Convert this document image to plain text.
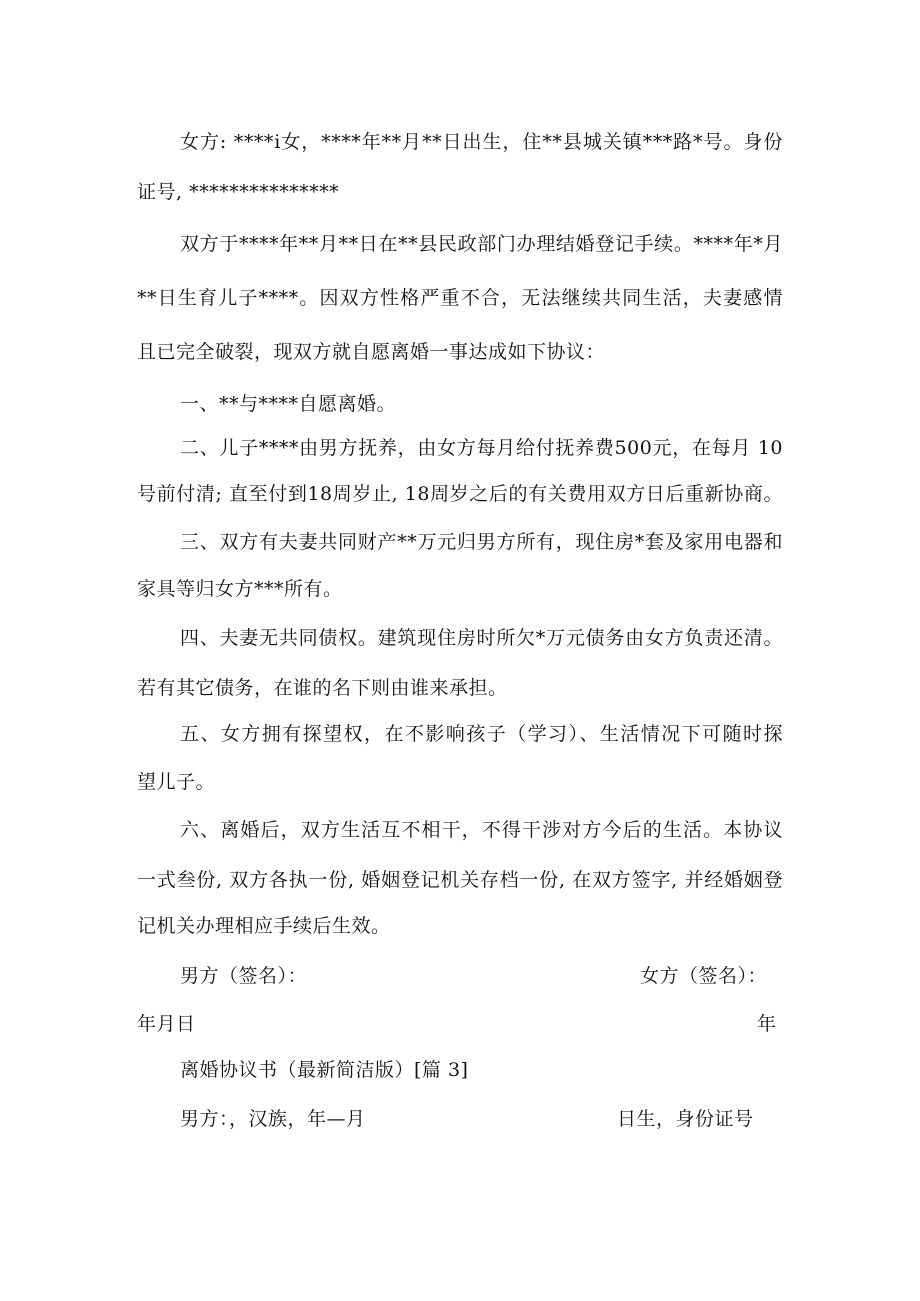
女方: ****ⅰ女，****年**月**日出生，住**县城关镇***路*号。身份
证号, ***************
双方于****年**月**日在**县民政部门办理结婚登记手续。****年*月
**日生育儿子****。因双方性格严重不合，无法继续共同生活，夫妻感情
且已完全破裂，现双方就自愿离婚一事达成如下协议：
一、**与****自愿离婚。
二、儿子****由男方抚养，由女方每月给付抚养费500元，在每月 10
号前付清; 直至付到18周岁止, 18周岁之后的有关费用双方日后重新协商。
三、双方有夫妻共同财产**万元归男方所有，现住房*套及家用电器和
家具等归女方***所有。
四、夫妻无共同债权。建筑现住房时所欠*万元债务由女方负责还清。
若有其它债务，在谁的名下则由谁来承担。
五、女方拥有探望权，在不影响孩子（学习）、生活情况下可随时探
望儿子。
六、离婚后，双方生活互不相干，不得干涉对方今后的生活。本协议
一式叁份, 双方各执一份, 婚姻登记机关存档一份, 在双方签字, 并经婚姻登
记机关办理相应手续后生效。
男方（签名）：	女方（签名）：
年月日	年
离婚协议书（最新简洁版）[篇 3]
男方：，汉族，年—月	日生，身份证号
